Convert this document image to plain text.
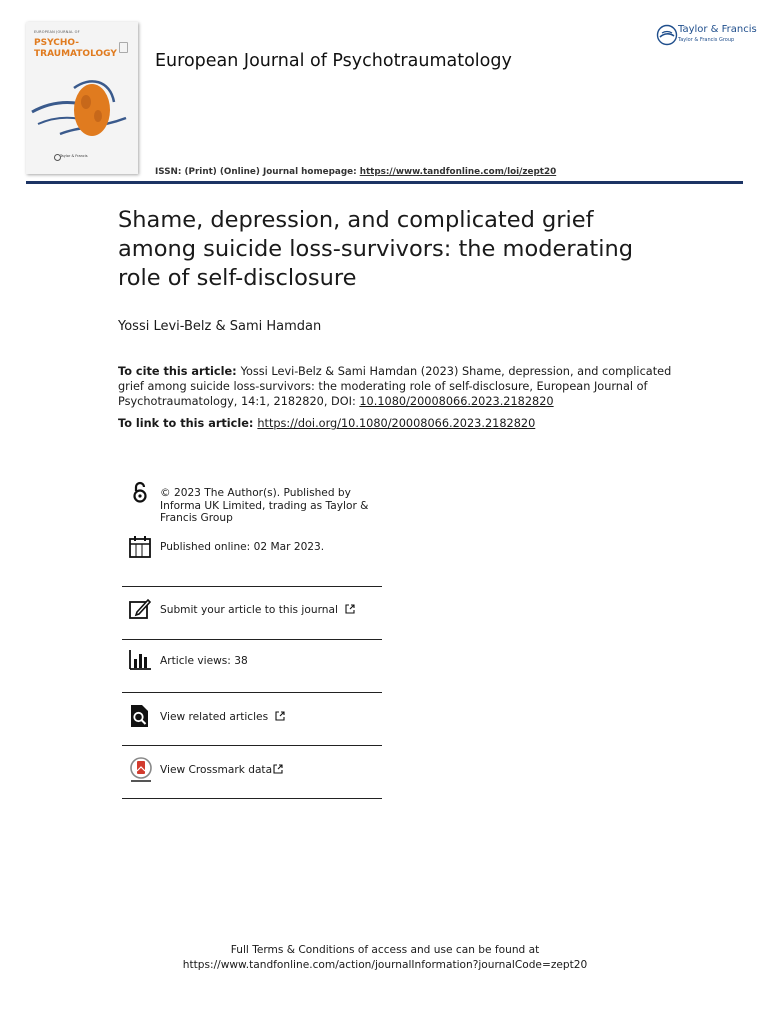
EUROPEAN JOURNAL OF
PSYCHO-
TRAUMATOLOGY
Taylor & Francis
European Journal of Psychotraumatology
Taylor & Francis
Taylor & Francis Group
ISSN: (Print) (Online) Journal homepage: https://www.tandfonline.com/loi/zept20
Shame, depression, and complicated grief among suicide loss-survivors: the moderating role of self-disclosure
Yossi Levi-Belz & Sami Hamdan
To cite this article: Yossi Levi-Belz & Sami Hamdan (2023) Shame, depression, and complicated grief among suicide loss-survivors: the moderating role of self-disclosure, European Journal of Psychotraumatology, 14:1, 2182820, DOI: 10.1080/20008066.2023.2182820
To link to this article: https://doi.org/10.1080/20008066.2023.2182820
© 2023 The Author(s). Published by Informa UK Limited, trading as Taylor & Francis Group
Published online: 02 Mar 2023.
Submit your article to this journal
Article views: 38
View related articles
View Crossmark data
Full Terms & Conditions of access and use can be found at
https://www.tandfonline.com/action/journalInformation?journalCode=zept20
